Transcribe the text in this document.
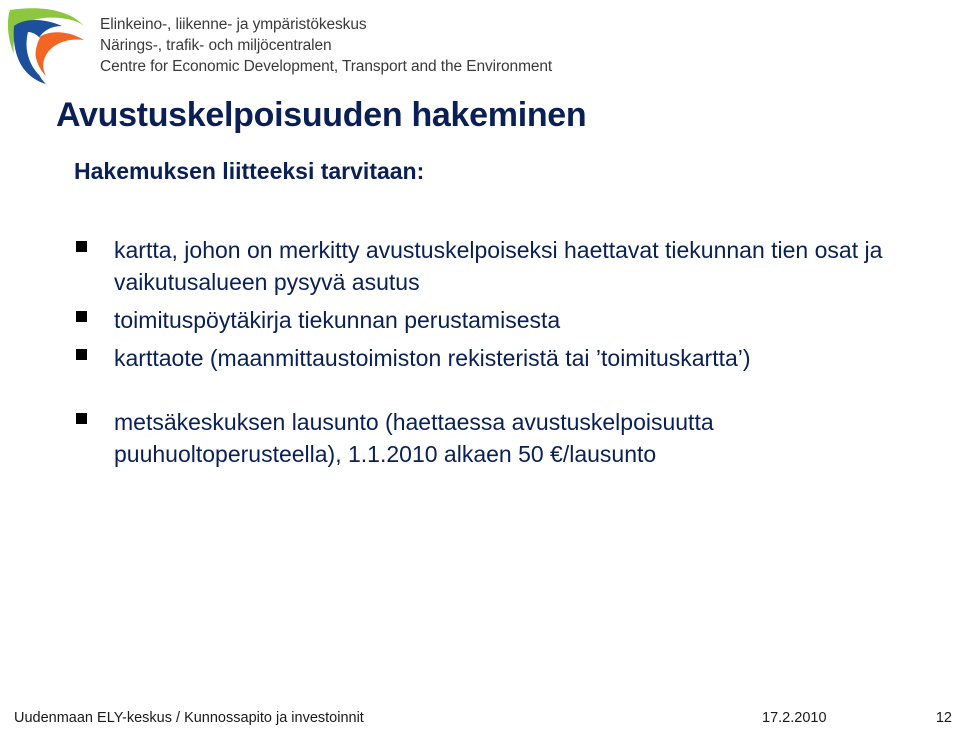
Elinkeino-, liikenne- ja ympäristökeskus
Närings-, trafik- och miljöcentralen
Centre for Economic Development, Transport and the Environment
Avustuskelpoisuuden hakeminen
Hakemuksen liitteeksi tarvitaan:
kartta, johon on merkitty avustuskelpoiseksi haettavat tiekunnan tien osat ja vaikutusalueen pysyvä asutus
toimituspöytäkirja tiekunnan perustamisesta
karttaote (maanmittaustoimiston rekisteristä tai ’toimituskartta’)
metsäkeskuksen lausunto (haettaessa avustuskelpoisuutta puuhuoltoperusteella), 1.1.2010 alkaen 50 €/lausunto
Uudenmaan ELY-keskus / Kunnossapito ja investoinnit	17.2.2010	12
